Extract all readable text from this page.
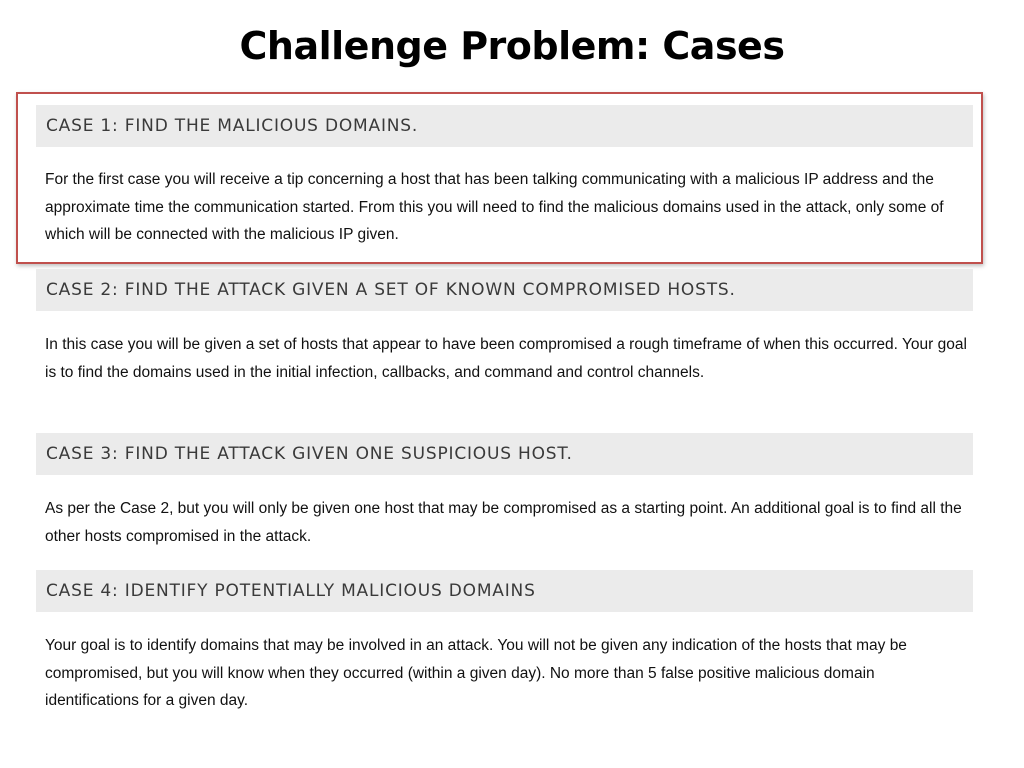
Challenge Problem: Cases
CASE 1: FIND THE MALICIOUS DOMAINS.

For the first case you will receive a tip concerning a host that has been talking communicating with a malicious IP address and the approximate time the communication started. From this you will need to find the malicious domains used in the attack, only some of which will be connected with the malicious IP given.

CASE 2: FIND THE ATTACK GIVEN A SET OF KNOWN COMPROMISED HOSTS.

In this case you will be given a set of hosts that appear to have been compromised a rough timeframe of when this occurred. Your goal is to find the domains used in the initial infection, callbacks, and command and control channels.

CASE 3: FIND THE ATTACK GIVEN ONE SUSPICIOUS HOST.

As per the Case 2, but you will only be given one host that may be compromised as a starting point. An additional goal is to find all the other hosts compromised in the attack.

CASE 4: IDENTIFY POTENTIALLY MALICIOUS DOMAINS

Your goal is to identify domains that may be involved in an attack. You will not be given any indication of the hosts that may be compromised, but you will know when they occurred (within a given day). No more than 5 false positive malicious domain identifications for a given day.
